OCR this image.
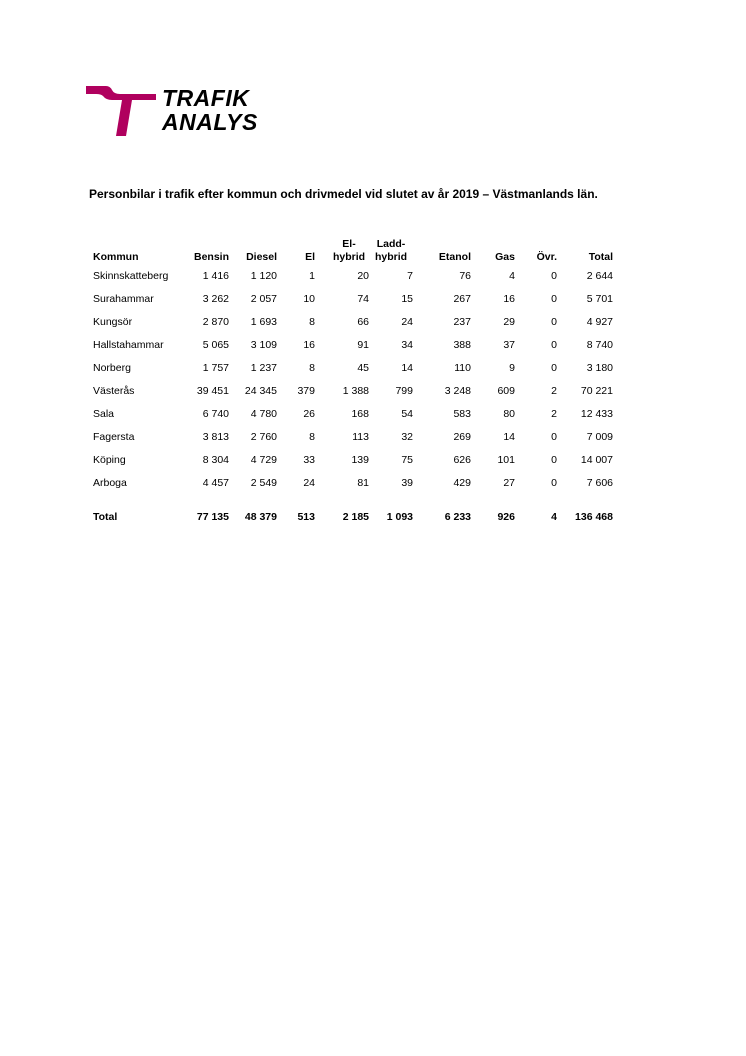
TRAFIK
ANALYS
Personbilar i trafik efter kommun och drivmedel vid slutet av år 2019 – Västmanlands län.
Kommun	Bensin	Diesel	El	El-
hybrid	Ladd-
hybrid	Etanol	Gas	Övr.	Total
Skinnskatteberg	1 416	1 120	1	20	7	76	4	0	2 644
Surahammar	3 262	2 057	10	74	15	267	16	0	5 701
Kungsör	2 870	1 693	8	66	24	237	29	0	4 927
Hallstahammar	5 065	3 109	16	91	34	388	37	0	8 740
Norberg	1 757	1 237	8	45	14	110	9	0	3 180
Västerås	39 451	24 345	379	1 388	799	3 248	609	2	70 221
Sala	6 740	4 780	26	168	54	583	80	2	12 433
Fagersta	3 813	2 760	8	113	32	269	14	0	7 009
Köping	8 304	4 729	33	139	75	626	101	0	14 007
Arboga	4 457	2 549	24	81	39	429	27	0	7 606

Total	77 135	48 379	513	2 185	1 093	6 233	926	4	136 468
